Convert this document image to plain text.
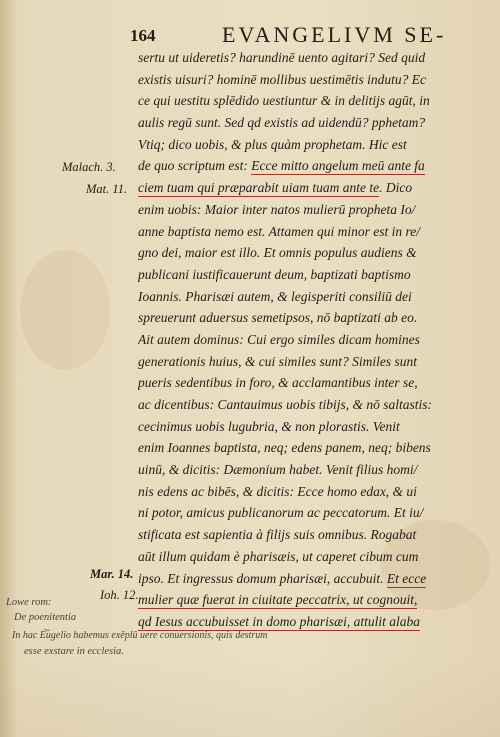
164	EVANGELIVM SE-
sertu ut uideretis? harundinē uento agitari? Sed quid
existis uisuri? hominē mollibus uestimētis indutu? Ec
ce qui uestitu splēdido uestiuntur & in delitijs agūt, in
aulis regū sunt. Sed qd existis ad uidendū? pphetam?
Vtiq; dico uobis, & plus quàm prophetam. Hic est
de quo scriptum est: Ecce mitto angelum meū ante fa
ciem tuam qui præparabit uiam tuam ante te. Dico
enim uobis: Maior inter natos mulierū propheta Io/
anne baptista nemo est. Attamen qui minor est in re/
gno dei, maior est illo. Et omnis populus audiens &
publicani iustificauerunt deum, baptizati baptismo
Ioannis. Pharisæi autem, & legisperiti consiliū dei
spreuerunt aduersus semetipsos, nō baptizati ab eo.
Ait autem dominus: Cui ergo similes dicam homines
generationis huius, & cui similes sunt? Similes sunt
pueris sedentibus in foro, & acclamantibus inter se,
ac dicentibus: Cantauimus uobis tibijs, & nō saltastis:
cecinimus uobis lugubria, & non plorastis. Venit
enim Ioannes baptista, neq; edens panem, neq; bibens
uinū, & dicitis: Dæmonium habet. Venit filius homi/
nis edens ac bibēs, & dicitis: Ecce homo edax, & ui
ni potor, amicus publicanorum ac peccatorum. Et iu/
stificata est sapientia à filijs suis omnibus. Rogabat
aūt illum quidam è pharisæis, ut caperet cibum cum
ipso. Et ingressus domum pharisæi, accubuit. Et ecce
mulier quæ fuerat in ciuitate peccatrix, ut cognouit,
qd Iesus accubuisset in domo pharisæi, attulit alaba
Malach. 3.
Mat. 11.
Mar. 14.
Ioh. 12.
Lowe rom:
De poenitentia
In hac E͠ugelio habemus exēplū uere conuersionis, quis destrum
esse exstare in ecclesia.
